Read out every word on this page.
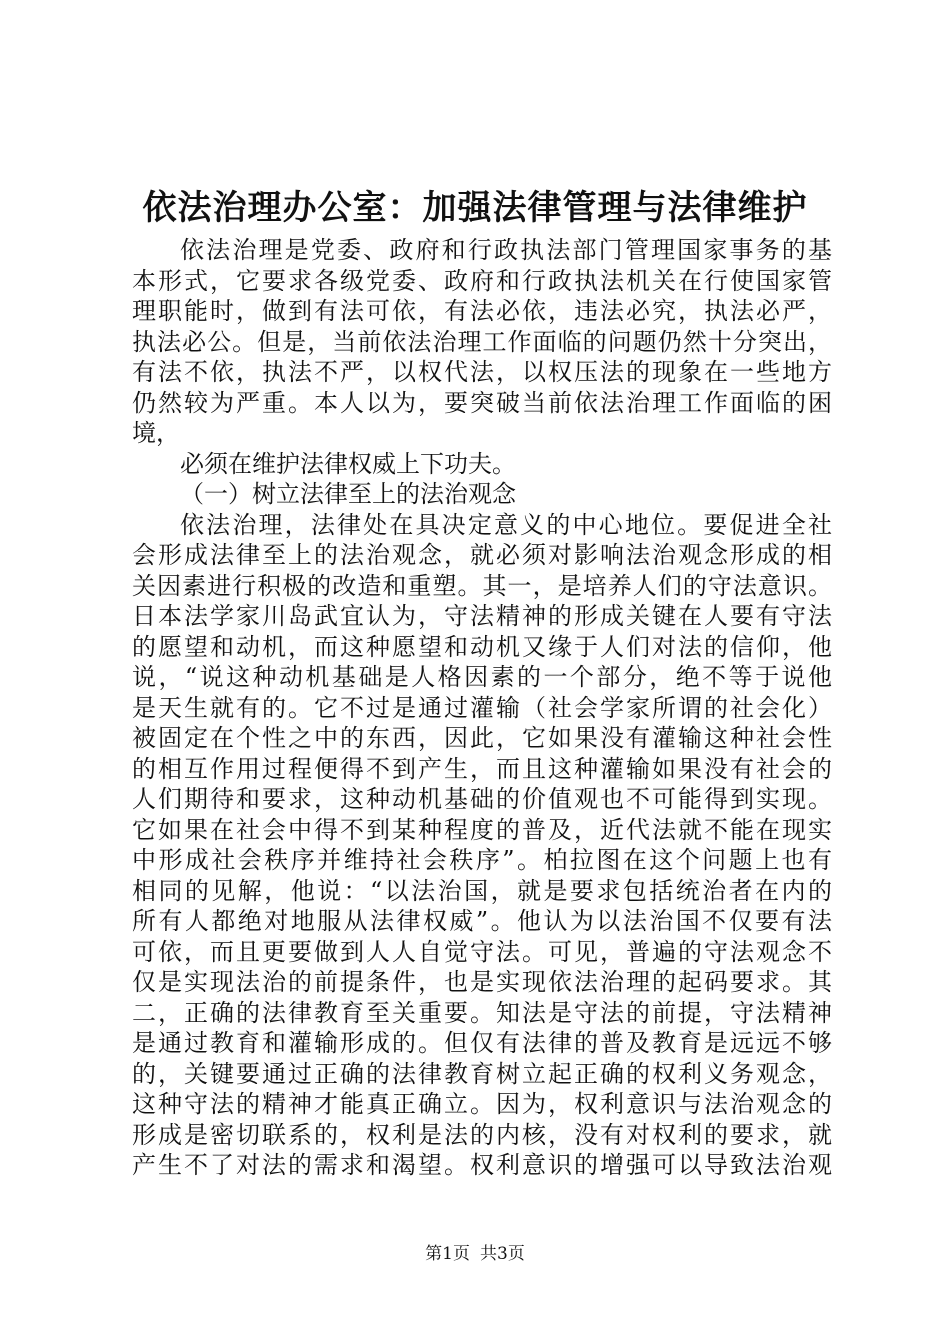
依法治理办公室：加强法律管理与法律维护
依法治理是党委、政府和行政执法部门管理国家事务的基
本形式，它要求各级党委、政府和行政执法机关在行使国家管
理职能时，做到有法可依，有法必依，违法必究，执法必严，
执法必公。但是，当前依法治理工作面临的问题仍然十分突出，
有法不依，执法不严，以权代法，以权压法的现象在一些地方
仍然较为严重。本人以为，要突破当前依法治理工作面临的困
境，
必须在维护法律权威上下功夫。
（一）树立法律至上的法治观念
依法治理，法律处在具决定意义的中心地位。要促进全社
会形成法律至上的法治观念，就必须对影响法治观念形成的相
关因素进行积极的改造和重塑。其一，是培养人们的守法意识。
日本法学家川岛武宜认为，守法精神的形成关键在人要有守法
的愿望和动机，而这种愿望和动机又缘于人们对法的信仰，他
说，“说这种动机基础是人格因素的一个部分，绝不等于说他
是天生就有的。它不过是通过灌输（社会学家所谓的社会化）
被固定在个性之中的东西，因此，它如果没有灌输这种社会性
的相互作用过程便得不到产生，而且这种灌输如果没有社会的
人们期待和要求，这种动机基础的价值观也不可能得到实现。
它如果在社会中得不到某种程度的普及，近代法就不能在现实
中形成社会秩序并维持社会秩序”。柏拉图在这个问题上也有
相同的见解，他说：“以法治国，就是要求包括统治者在内的
所有人都绝对地服从法律权威”。他认为以法治国不仅要有法
可依，而且更要做到人人自觉守法。可见，普遍的守法观念不
仅是实现法治的前提条件，也是实现依法治理的起码要求。其
二，正确的法律教育至关重要。知法是守法的前提，守法精神
是通过教育和灌输形成的。但仅有法律的普及教育是远远不够
的，关键要通过正确的法律教育树立起正确的权利义务观念，
这种守法的精神才能真正确立。因为，权利意识与法治观念的
形成是密切联系的，权利是法的内核，没有对权利的要求，就
产生不了对法的需求和渴望。权利意识的增强可以导致法治观
第1页 共3页
